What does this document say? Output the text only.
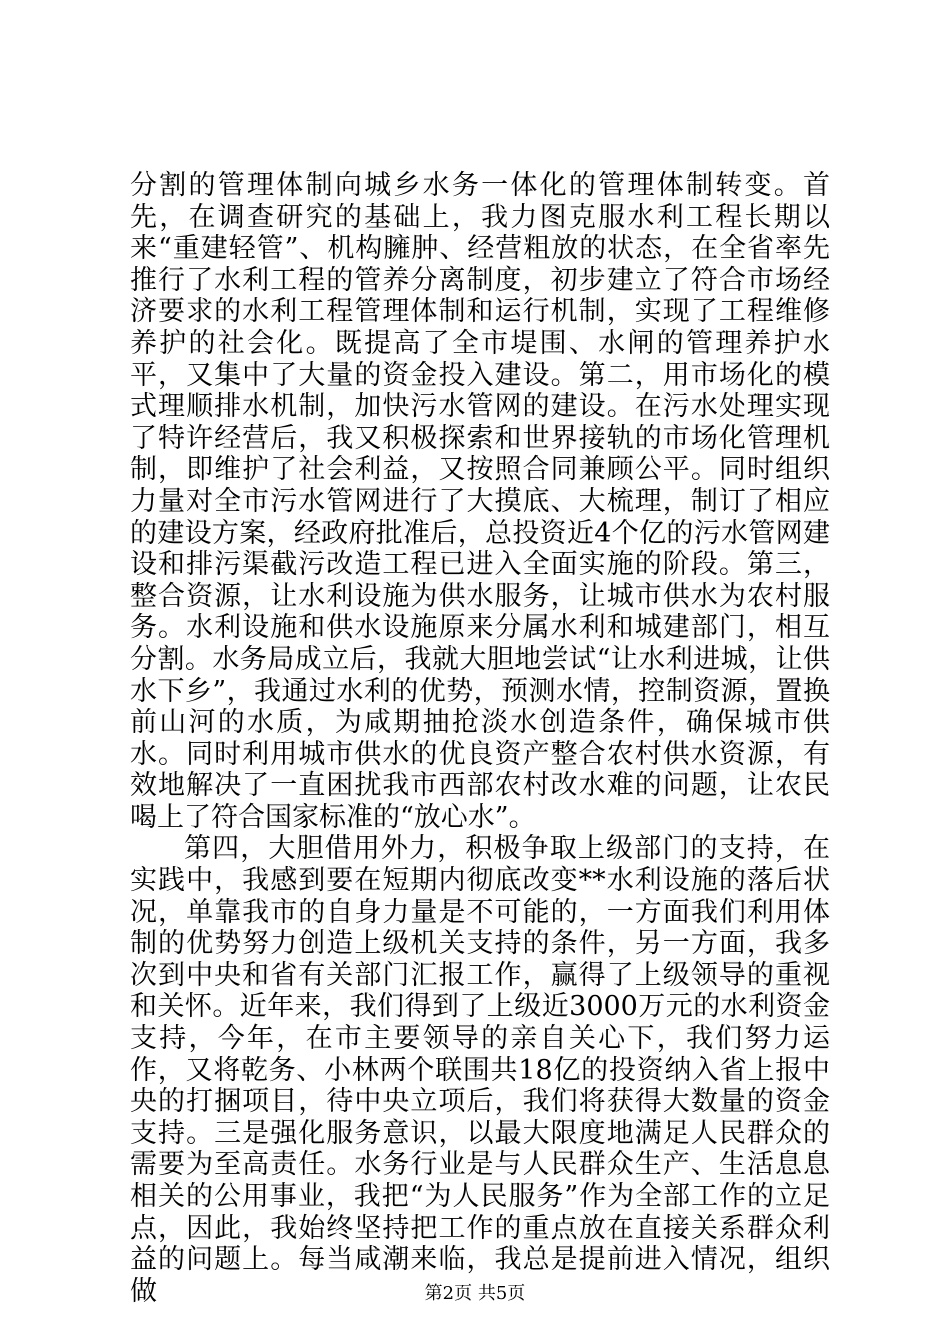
分割的管理体制向城乡水务一体化的管理体制转变。首先，在调查研究的基础上，我力图克服水利工程长期以来“重建轻管”、机构臃肿、经营粗放的状态，在全省率先推行了水利工程的管养分离制度，初步建立了符合市场经济要求的水利工程管理体制和运行机制，实现了工程维修养护的社会化。既提高了全市堤围、水闸的管理养护水平，又集中了大量的资金投入建设。第二，用市场化的模式理顺排水机制，加快污水管网的建设。在污水处理实现了特许经营后，我又积极探索和世界接轨的市场化管理机制，即维护了社会利益，又按照合同兼顾公平。同时组织力量对全市污水管网进行了大摸底、大梳理，制订了相应的建设方案，经政府批准后，总投资近4个亿的污水管网建设和排污渠截污改造工程已进入全面实施的阶段。第三，整合资源，让水利设施为供水服务，让城市供水为农村服务。水利设施和供水设施原来分属水利和城建部门，相互分割。水务局成立后，我就大胆地尝试“让水利进城，让供水下乡”，我通过水利的优势，预测水情，控制资源，置换前山河的水质，为咸期抽抢淡水创造条件，确保城市供水。同时利用城市供水的优良资产整合农村供水资源，有效地解决了一直困扰我市西部农村改水难的问题，让农民喝上了符合国家标准的“放心水”。

第四，大胆借用外力，积极争取上级部门的支持，在实践中，我感到要在短期内彻底改变**水利设施的落后状况，单靠我市的自身力量是不可能的，一方面我们利用体制的优势努力创造上级机关支持的条件，另一方面，我多次到中央和省有关部门汇报工作，赢得了上级领导的重视和关怀。近年来，我们得到了上级近3000万元的水利资金支持，今年，在市主要领导的亲自关心下，我们努力运作，又将乾务、小林两个联围共18亿的投资纳入省上报中央的打捆项目，待中央立项后，我们将获得大数量的资金支持。三是强化服务意识，以最大限度地满足人民群众的需要为至高责任。水务行业是与人民群众生产、生活息息相关的公用事业，我把“为人民服务”作为全部工作的立足点，因此，我始终坚持把工作的重点放在直接关系群众利益的问题上。每当咸潮来临，我总是提前进入情况，组织做	第2页 共5页
